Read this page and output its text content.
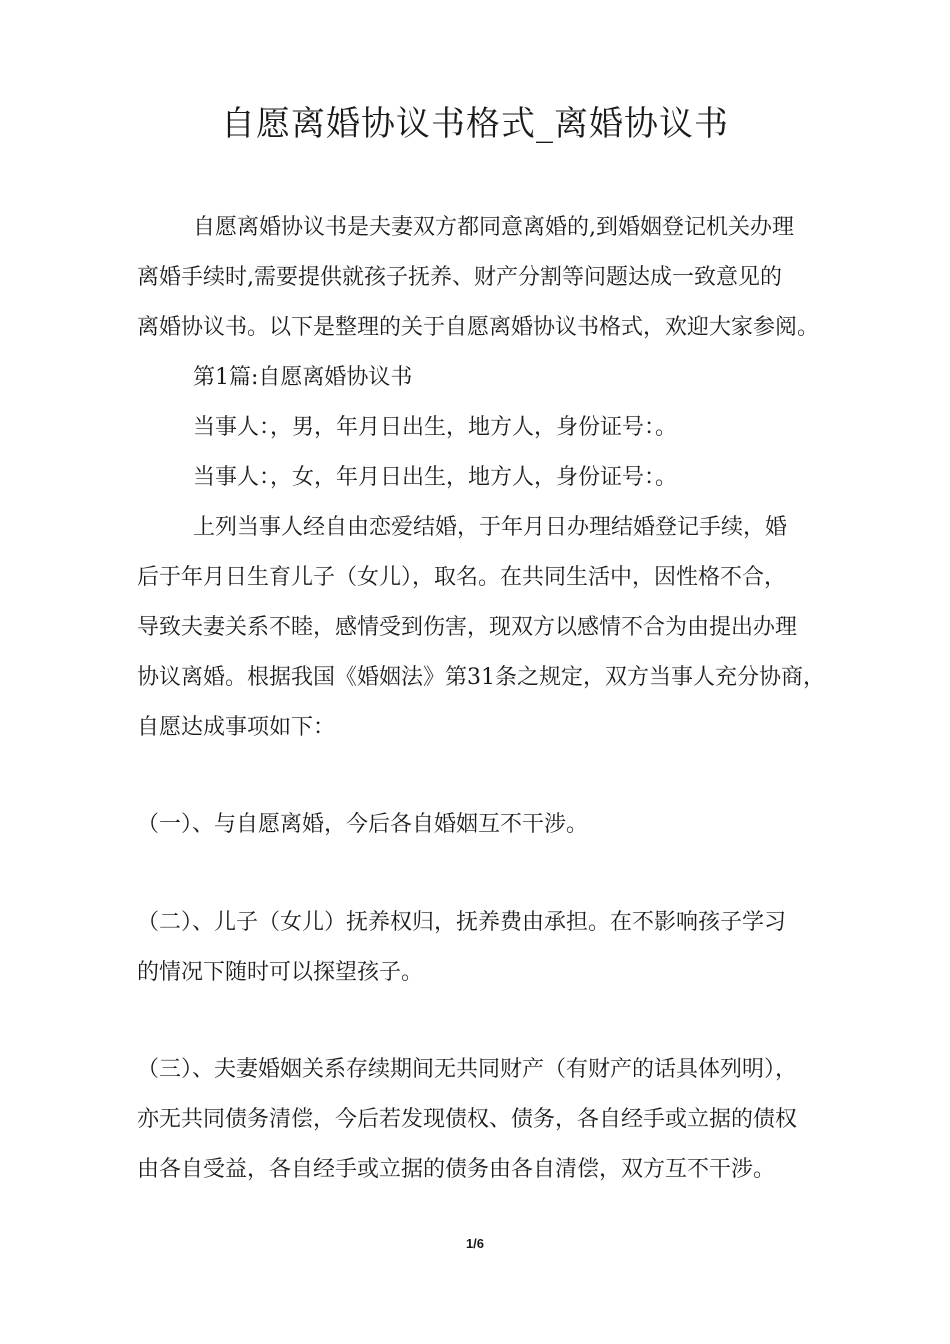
自愿离婚协议书格式_离婚协议书

自愿离婚协议书是夫妻双方都同意离婚的,到婚姻登记机关办理

离婚手续时,需要提供就孩子抚养、财产分割等问题达成一致意见的

离婚协议书。以下是整理的关于自愿离婚协议书格式，欢迎大家参阅。

第1篇:自愿离婚协议书

当事人：，男，年月日出生，地方人，身份证号：。

当事人：，女，年月日出生，地方人，身份证号：。

上列当事人经自由恋爱结婚，于年月日办理结婚登记手续，婚

后于年月日生育儿子（女儿），取名。在共同生活中，因性格不合，

导致夫妻关系不睦，感情受到伤害，现双方以感情不合为由提出办理

协议离婚。根据我国《婚姻法》第31条之规定，双方当事人充分协商，

自愿达成事项如下：

（一）、与自愿离婚，今后各自婚姻互不干涉。

（二）、儿子（女儿）抚养权归，抚养费由承担。在不影响孩子学习

的情况下随时可以探望孩子。

（三）、夫妻婚姻关系存续期间无共同财产（有财产的话具体列明），

亦无共同债务清偿，今后若发现债权、债务，各自经手或立据的债权

由各自受益，各自经手或立据的债务由各自清偿，双方互不干涉。

1/6
